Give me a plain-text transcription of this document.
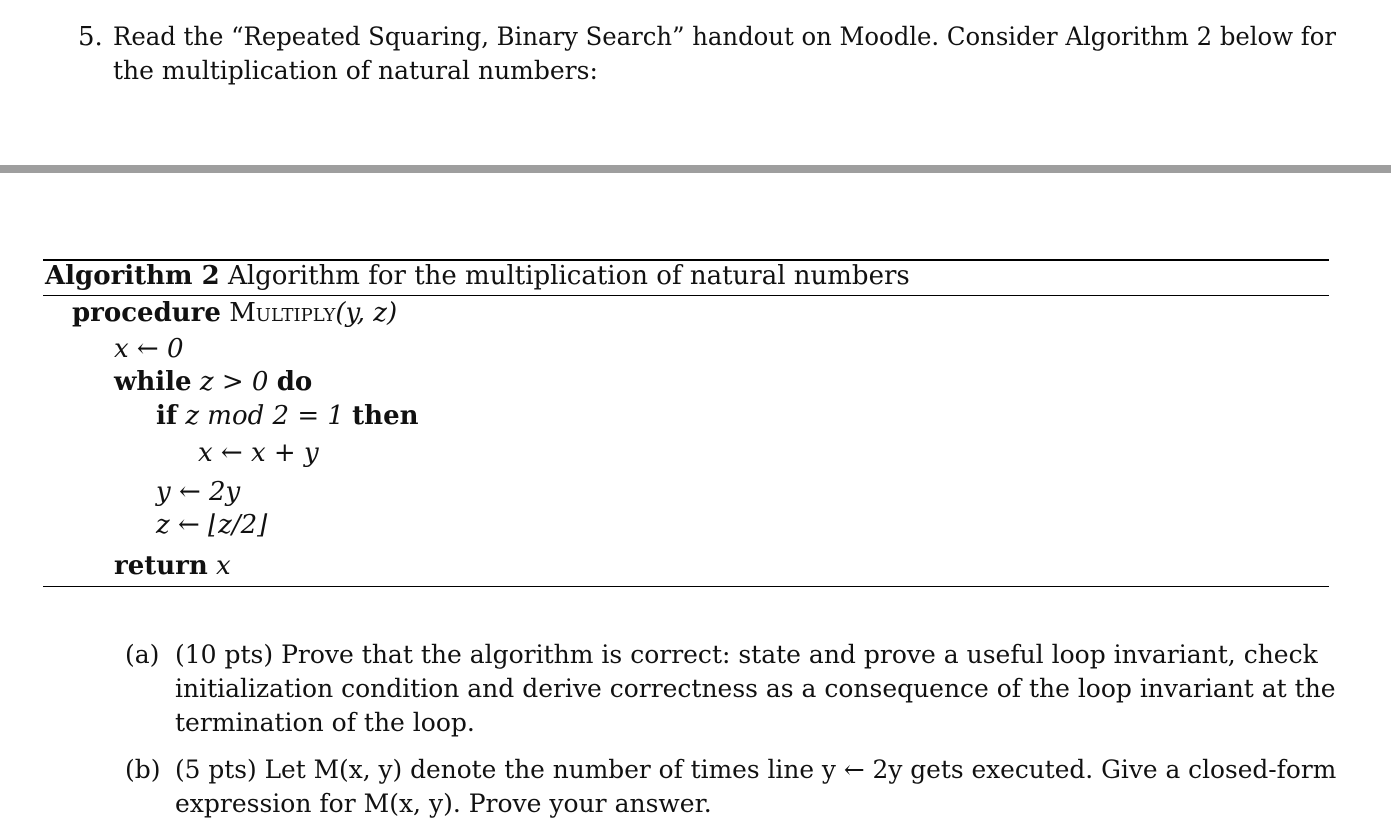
5. Read the “Repeated Squaring, Binary Search” handout on Moodle. Consider Algorithm 2 below for
the multiplication of natural numbers:
Algorithm 2 Algorithm for the multiplication of natural numbers
procedure Multiply(y, z)
x ← 0
while z > 0 do
if z mod 2 = 1 then
x ← x + y
y ← 2y
z ← ⌊z/2⌋
return x
(a) (10 pts) Prove that the algorithm is correct: state and prove a useful loop invariant, check
initialization condition and derive correctness as a consequence of the loop invariant at the
termination of the loop.
(b) (5 pts) Let M(x, y) denote the number of times line y ← 2y gets executed. Give a closed-form
expression for M(x, y). Prove your answer.
